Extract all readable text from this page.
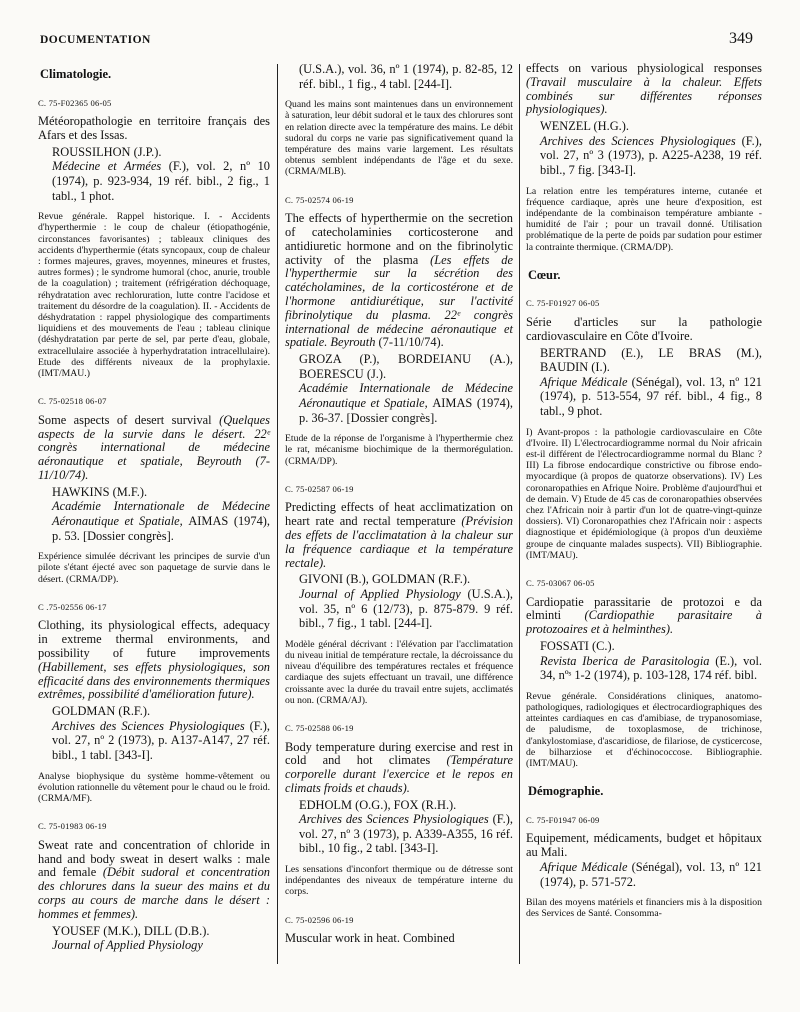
DOCUMENTATION	349
Climatologie.
C. 75-F02365 06-05
Météoropathologie en territoire français des Afars et des Issas.
ROUSSILHON (J.P.).
Médecine et Armées (F.), vol. 2, nº 10 (1974), p. 923-934, 19 réf. bibl., 2 fig., 1 tabl., 1 phot.
Revue générale. Rappel historique. I. - Accidents d'hyperthermie : le coup de chaleur (étiopathogénie, circonstances favorisantes) ; tableaux cliniques des accidents d'hyperthermie (états syncopaux, coup de chaleur : formes majeures, graves, moyennes, mineures et frustes, autres formes) ; le syndrome humoral (choc, anurie, trouble de la coagulation) ; traitement (réfrigération déchoquage, réhydratation avec rechloruration, lutte contre l'acidose et traitement du désordre de la coagulation). II. - Accidents de déshydratation : rappel physiologique des compartiments liquidiens et des mouvements de l'eau ; tableau clinique (déshydratation par perte de sel, par perte d'eau, globale, extracellulaire associée à hyperhydratation intracellulaire). Etude des différents niveaux de la prophylaxie. (IMT/MAU.)
C. 75-02518 06-07
Some aspects of desert survival (Quelques aspects de la survie dans le désert. 22ᵉ congrès international de médecine aéronautique et spatiale, Beyrouth (7-11/10/74).
HAWKINS (M.F.).
Académie Internationale de Médecine Aéronautique et Spatiale, AIMAS (1974), p. 53. [Dossier congrès].
Expérience simulée décrivant les principes de survie d'un pilote s'étant éjecté avec son paquetage de survie dans le désert. (CRMA/DP).
C .75-02556 06-17
Clothing, its physiological effects, adequacy in extreme thermal environments, and possibility of future improvements (Habillement, ses effets physiologiques, son efficacité dans des environnements thermiques extrêmes, possibilité d'amélioration future).
GOLDMAN (R.F.).
Archives des Sciences Physiologiques (F.), vol. 27, nº 2 (1973), p. A137-A147, 27 réf. bibl., 1 tabl. [343-I].
Analyse biophysique du système homme-vêtement ou évolution rationnelle du vêtement pour le chaud ou le froid. (CRMA/MF).
C. 75-01983 06-19
Sweat rate and concentration of chloride in hand and body sweat in desert walks : male and female (Débit sudoral et concentration des chlorures dans la sueur des mains et du corps au cours de marche dans le désert : hommes et femmes).
YOUSEF (M.K.), DILL (D.B.).
Journal of Applied Physiology
(U.S.A.), vol. 36, nº 1 (1974), p. 82-85, 12 réf. bibl., 1 fig., 4 tabl. [244-I].
Quand les mains sont maintenues dans un environnement à saturation, leur débit sudoral et le taux des chlorures sont en relation directe avec la température des mains. Le débit sudoral du corps ne varie pas significativement quand la température des mains varie largement. Les résultats obtenus semblent indépendants de l'âge et du sexe. (CRMA/MLB).
C. 75-02574 06-19
The effects of hyperthermie on the secretion of catecholaminies corticosterone and antidiuretic hormone and on the fibrinolytic activity of the plasma (Les effets de l'hyperthermie sur la sécrétion des catécholamines, de la corticostérone et de l'hormone antidiurétique, sur l'activité fibrinolytique du plasma. 22ᵉ congrès international de médecine aéronautique et spatiale. Beyrouth (7-11/10/74).
GROZA (P.), BORDEIANU (A.), BOERESCU (J.).
Académie Internationale de Médecine Aéronautique et Spatiale, AIMAS (1974), p. 36-37. [Dossier congrès].
Etude de la réponse de l'organisme à l'hyperthermie chez le rat, mécanisme biochimique de la thermorégulation. (CRMA/DP).
C. 75-02587 06-19
Predicting effects of heat acclimatization on heart rate and rectal temperature (Prévision des effets de l'acclimatation à la chaleur sur la fréquence cardiaque et la température rectale).
GIVONI (B.), GOLDMAN (R.F.).
Journal of Applied Physiology (U.S.A.), vol. 35, nº 6 (12/73), p. 875-879. 9 réf. bibl., 7 fig., 1 tabl. [244-I].
Modèle général décrivant : l'élévation par l'acclimatation du niveau initial de température rectale, la décroissance du niveau d'équilibre des températures rectales et fréquence cardiaque des sujets effectuant un travail, une différence croissante avec la durée du travail entre sujets, acclimatés ou non. (CRMA/AJ).
C. 75-02588 06-19
Body temperature during exercise and rest in cold and hot climates (Température corporelle durant l'exercice et le repos en climats froids et chauds).
EDHOLM (O.G.), FOX (R.H.).
Archives des Sciences Physiologiques (F.), vol. 27, nº 3 (1973), p. A339-A355, 16 réf. bibl., 10 fig., 2 tabl. [343-I].
Les sensations d'inconfort thermique ou de détresse sont indépendantes des niveaux de température interne du corps.
C. 75-02596 06-19
Muscular work in heat. Combined
effects on various physiological responses (Travail musculaire à la chaleur. Effets combinés sur différentes réponses physiologiques).
WENZEL (H.G.).
Archives des Sciences Physiologiques (F.), vol. 27, nº 3 (1973), p. A225-A238, 19 réf. bibl., 7 fig. [343-I].
La relation entre les températures interne, cutanée et fréquence cardiaque, après une heure d'exposition, est indépendante de la combinaison température ambiante - humidité de l'air ; pour un travail donné. Utilisation problématique de la perte de poids par sudation pour estimer la contrainte thermique. (CRMA/DP).
Cœur.
C. 75-F01927 06-05
Série d'articles sur la pathologie cardiovasculaire en Côte d'Ivoire.
BERTRAND (E.), LE BRAS (M.), BAUDIN (I.).
Afrique Médicale (Sénégal), vol. 13, nº 121 (1974), p. 513-554, 97 réf. bibl., 4 fig., 8 tabl., 9 phot.
I) Avant-propos : la pathologie cardiovasculaire en Côte d'Ivoire. II) L'électrocardiogramme normal du Noir africain est-il différent de l'électrocardiogramme normal du Blanc ? III) La fibrose endocardique constrictive ou fibrose endo-myocardique (à propos de quatorze observations). IV) Les coronaropathies en Afrique Noire. Problème d'aujourd'hui et de demain. V) Etude de 45 cas de coronaropathies observées chez l'Africain noir à partir d'un lot de quatre-vingt-quinze dossiers). VI) Coronaropathies chez l'Africain noir : aspects diagnostique et épidémiologique (à propos d'un deuxième groupe de cinquante malades suspects). VII) Bibliographie. (IMT/MAU).
C. 75-03067 06-05
Cardiopatie parassitarie de protozoi e da elminti (Cardiopathie parasitaire à protozoaires et à helminthes).
FOSSATI (C.).
Revista Iberica de Parasitologia (E.), vol. 34, nºˢ 1-2 (1974), p. 103-128, 174 réf. bibl.
Revue générale. Considérations cliniques, anatomo-pathologiques, radiologiques et électrocardiographiques des atteintes cardiaques en cas d'amibiase, de trypanosomiase, de paludisme, de toxoplasmose, de trichinose, d'ankylostomiase, d'ascaridiose, de filariose, de cysticercose, de bilharziose et d'échinococcose. Bibliographie. (IMT/MAU).
Démographie.
C. 75-F01947 06-09
Equipement, médicaments, budget et hôpitaux au Mali.
Afrique Médicale (Sénégal), vol. 13, nº 121 (1974), p. 571-572.
Bilan des moyens matériels et financiers mis à la disposition des Services de Santé. Consomma-
